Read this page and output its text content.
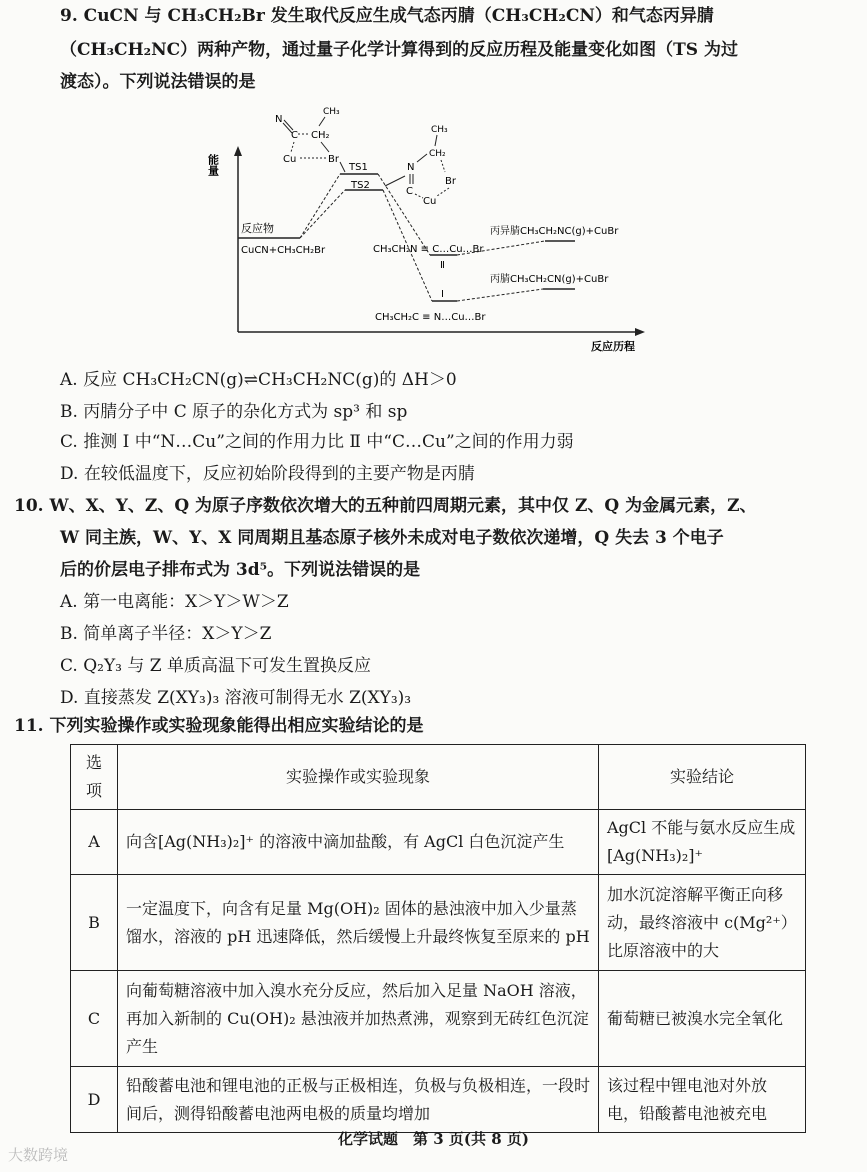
9. CuCN 与 CH₃CH₂Br 发生取代反应生成气态丙腈（CH₃CH₂CN）和气态丙异腈
（CH₃CH₂NC）两种产物，通过量子化学计算得到的反应历程及能量变化如图（TS 为过
渡态）。下列说法错误的是
能量
反应历程
反应物
CuCN+CH₃CH₂Br
TS1
TS2
Ⅱ
CH₃CH₂N ≡ C…Cu…Br
Ⅰ
CH₃CH₂C ≡ N…Cu…Br
丙异腈CH₃CH₂NC(g)+CuBr
丙腈CH₃CH₂CN(g)+CuBr
N
C
CH₃
CH₂
Cu	Br
CH₃
CH₂
N
C
Br
Cu
A. 反应 CH₃CH₂CN(g)⇌CH₃CH₂NC(g)的 ΔH＞0
B. 丙腈分子中 C 原子的杂化方式为 sp³ 和 sp
C. 推测 Ⅰ 中“N…Cu”之间的作用力比 Ⅱ 中“C…Cu”之间的作用力弱
D. 在较低温度下，反应初始阶段得到的主要产物是丙腈
10. W、X、Y、Z、Q 为原子序数依次增大的五种前四周期元素，其中仅 Z、Q 为金属元素，Z、
W 同主族，W、Y、X 同周期且基态原子核外未成对电子数依次递增，Q 失去 3 个电子
后的价层电子排布式为 3d⁵。下列说法错误的是
A. 第一电离能：X＞Y＞W＞Z
B. 简单离子半径：X＞Y＞Z
C. Q₂Y₃ 与 Z 单质高温下可发生置换反应
D. 直接蒸发 Z(XY₃)₃ 溶液可制得无水 Z(XY₃)₃
11. 下列实验操作或实验现象能得出相应实验结论的是
选项	实验操作或实验现象	实验结论
A	向含[Ag(NH₃)₂]⁺ 的溶液中滴加盐酸，有 AgCl 白色沉淀产生	AgCl 不能与氨水反应生成[Ag(NH₃)₂]⁺
B	一定温度下，向含有足量 Mg(OH)₂ 固体的悬浊液中加入少量蒸馏水，溶液的 pH 迅速降低，然后缓慢上升最终恢复至原来的 pH	加水沉淀溶解平衡正向移动，最终溶液中 c(Mg²⁺）比原溶液中的大
C	向葡萄糖溶液中加入溴水充分反应，然后加入足量 NaOH 溶液，再加入新制的 Cu(OH)₂ 悬浊液并加热煮沸，观察到无砖红色沉淀产生	葡萄糖已被溴水完全氧化
D	铅酸蓄电池和锂电池的正极与正极相连，负极与负极相连，一段时间后，测得铅酸蓄电池两电极的质量均增加	该过程中锂电池对外放电，铅酸蓄电池被充电
化学试题　第 3 页(共 8 页)
大数跨境
